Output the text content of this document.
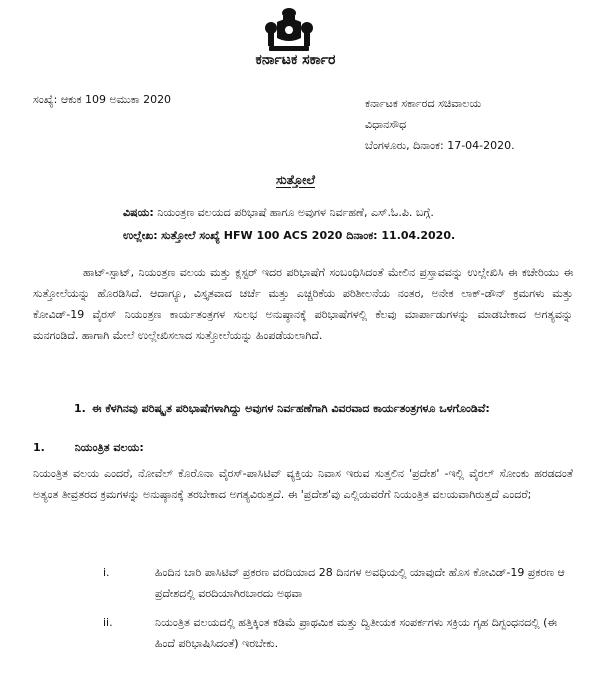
ಕರ್ನಾಟಕ ಸರ್ಕಾರ
ಸಂಖ್ಯೆ: ಆಕುಕ 109 ಅಮುಕಾ 2020	ಕರ್ನಾಟಕ ಸರ್ಕಾರದ ಸಚಿವಾಲಯ
ವಿಧಾನಸೌಧ
ಬೆಂಗಳೂರು, ದಿನಾಂಕ: 17-04-2020.
ಸುತ್ತೋಲೆ
ವಿಷಯ: ನಿಯಂತ್ರಣ ವಲಯದ ಪರಿಭಾಷೆ ಹಾಗೂ ಅವುಗಳ ನಿರ್ವಹಣೆ, ಎಸ್.ಓ.ಪಿ. ಬಗ್ಗೆ.
ಉಲ್ಲೇಖ: ಸುತ್ತೋಲೆ ಸಂಖ್ಯೆ HFW 100 ACS 2020 ದಿನಾಂಕ: 11.04.2020.
ಹಾಟ್-ಸ್ಪಾಟ್, ನಿಯಂತ್ರಣ ವಲಯ ಮತ್ತು ಕ್ಲಸ್ಟರ್ ಇದರ ಪರಿಭಾಷೆಗೆ ಸಂಬಂಧಿಸಿದಂತೆ ಮೇಲಿನ ಪ್ರಸ್ತಾವವನ್ನು ಉಲ್ಲೇಖಿಸಿ ಈ ಕಚೇರಿಯು ಈ ಸುತ್ತೋಲೆಯನ್ನು ಹೊರಡಿಸಿದೆ. ಆದಾಗ್ಯೂ, ವಿಸ್ತೃತವಾದ ಚರ್ಚೆ ಮತ್ತು ಎಚ್ಚರಿಕೆಯ ಪರಿಶೀಲನೆಯ ನಂತರ, ಅನೇಕ ಲಾಕ್-ಡೌನ್ ಕ್ರಮಗಳು ಮತ್ತು ಕೋವಿಡ್-19 ವೈರಸ್ ನಿಯಂತ್ರಣ ಕಾರ್ಯತಂತ್ರಗಳ ಸುಲಭ ಅನುಷ್ಠಾನಕ್ಕೆ ಪರಿಭಾಷೆಗಳಲ್ಲಿ ಕೆಲವು ಮಾರ್ಪಾಡುಗಳನ್ನು ಮಾಡಬೇಕಾದ ಅಗತ್ಯವನ್ನು ಮನಗಂಡಿದೆ. ಹಾಗಾಗಿ ಮೇಲೆ ಉಲ್ಲೇಖಿಸಲಾದ ಸುತ್ತೋಲೆಯನ್ನು ಹಿಂಪಡೆಯಲಾಗಿದೆ.
1. ಈ ಕೆಳಗಿನವು ಪರಿಷ್ಕೃತ ಪರಿಭಾಷೆಗಳಾಗಿದ್ದು ಅವುಗಳ ನಿರ್ವಹಣೆಗಾಗಿ ವಿವರವಾದ ಕಾರ್ಯತಂತ್ರಗಳೂ ಒಳಗೊಂಡಿವೆ:
1.	ನಿಯಂತ್ರಿತ ವಲಯ:
ನಿಯಂತ್ರಿತ ವಲಯ ಎಂದರೆ, ನೋವೆಲ್ ಕೊರೊನಾ ವೈರಸ್-ಪಾಸಿಟಿವ್ ವ್ಯಕ್ತಿಯ ನಿವಾಸ ಇರುವ ಸುತ್ತಲಿನ 'ಪ್ರದೇಶ' -ಇಲ್ಲಿ ವೈರಲ್ ಸೋಂಕು ಹರಡದಂತೆ ಅತ್ಯಂತ ತೀವ್ರತರದ ಕ್ರಮಗಳನ್ನು ಅನುಷ್ಠಾನಕ್ಕೆ ತರಬೇಕಾದ ಅಗತ್ಯವಿರುತ್ತದೆ. ಈ 'ಪ್ರದೇಶ'ವು ಎಲ್ಲಿಯವರೆಗೆ ನಿಯಂತ್ರಿತ ವಲಯವಾಗಿರುತ್ತದೆ ಎಂದರೆ;
i.	ಹಿಂದಿನ ಬಾರಿ ಪಾಸಿಟಿವ್ ಪ್ರಕರಣ ವರದಿಯಾದ 28 ದಿನಗಳ ಅವಧಿಯಲ್ಲಿ ಯಾವುದೇ ಹೊಸ ಕೋವಿಡ್-19 ಪ್ರಕರಣ ಆ ಪ್ರದೇಶದಲ್ಲಿ ವರದಿಯಾಗಿರಬಾರದು ಅಥವಾ
ii.	ನಿಯಂತ್ರಿತ ವಲಯದಲ್ಲಿ ಹತ್ತಿಕ್ಕಿಂತ ಕಡಿಮೆ ಪ್ರಾಥಮಿಕ ಮತ್ತು ದ್ವಿತೀಯಕ ಸಂಪರ್ಕಗಳು ಸಕ್ರಿಯ ಗೃಹ ದಿಗ್ಬಂಧನದಲ್ಲಿ (ಈ ಹಿಂದೆ ಪರಿಭಾಷಿಸಿದಂತೆ) ಇರಬೇಕು.
